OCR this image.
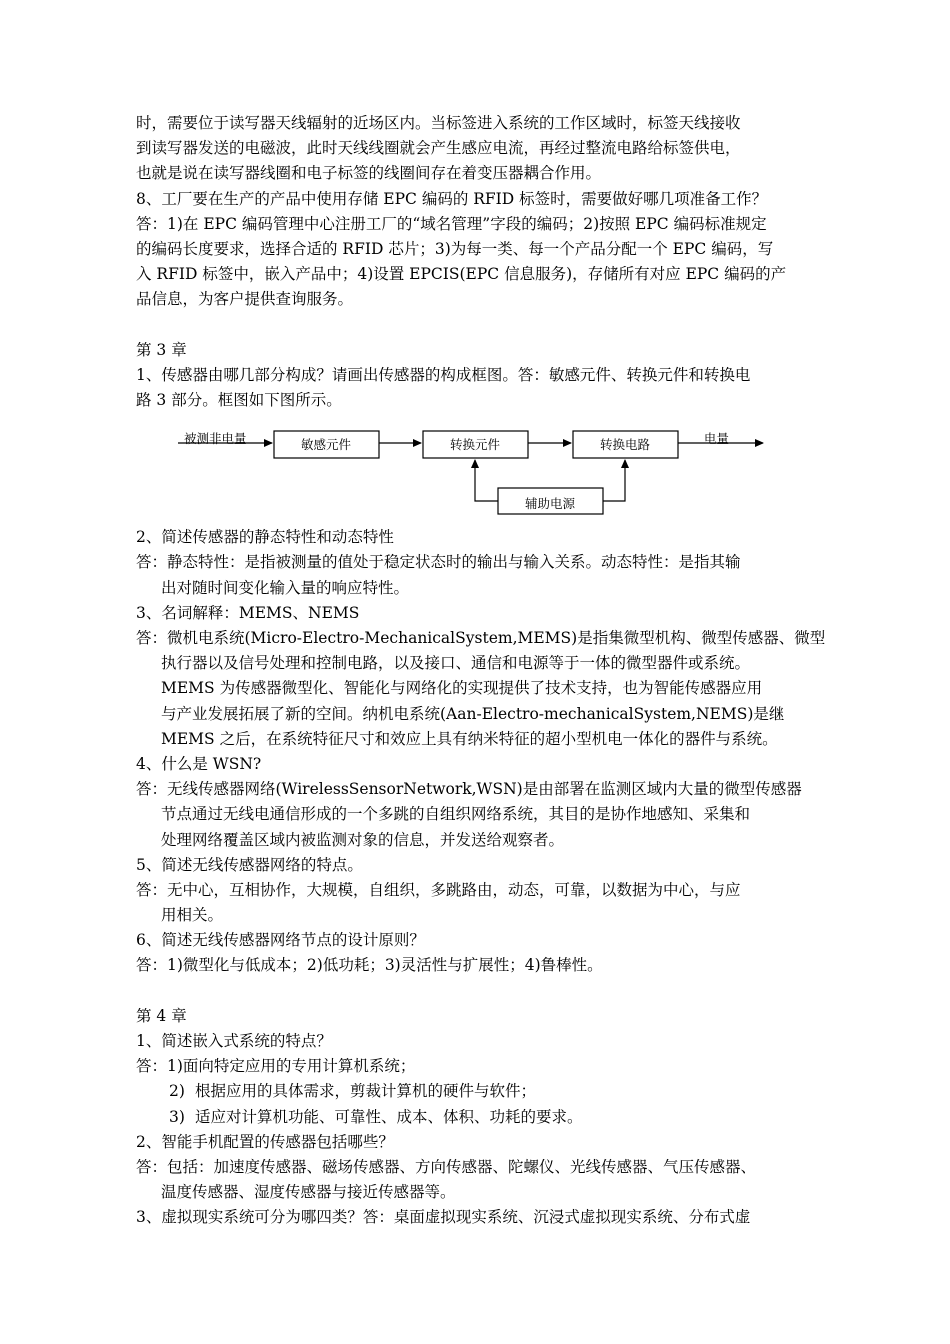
时，需要位于读写器天线辐射的近场区内。当标签进入系统的工作区域时，标签天线接收
到读写器发送的电磁波，此时天线线圈就会产生感应电流，再经过整流电路给标签供电，
也就是说在读写器线圈和电子标签的线圈间存在着变压器耦合作用。
8、工厂要在生产的产品中使用存储 EPC 编码的 RFID 标签时，需要做好哪几项准备工作？
答：1)在 EPC 编码管理中心注册工厂的“域名管理”字段的编码；2)按照 EPC 编码标准规定
的编码长度要求，选择合适的 RFID 芯片；3)为每一类、每一个产品分配一个 EPC 编码，写
入 RFID 标签中，嵌入产品中；4)设置 EPCIS(EPC 信息服务)，存储所有对应 EPC 编码的产
品信息，为客户提供查询服务。
第 3 章
1、传感器由哪几部分构成？请画出传感器的构成框图。答：敏感元件、转换元件和转换电
路 3 部分。框图如下图所示。
被测非电量	电量
敏感元件	转换元件	转换电路
辅助电源
2、简述传感器的静态特性和动态特性
答：静态特性：是指被测量的值处于稳定状态时的输出与输入关系。动态特性：是指其输
出对随时间变化输入量的响应特性。
3、名词解释：MEMS、NEMS
答：微机电系统(Micro-Electro-MechanicalSystem,MEMS)是指集微型机构、微型传感器、微型
执行器以及信号处理和控制电路，以及接口、通信和电源等于一体的微型器件或系统。
MEMS 为传感器微型化、智能化与网络化的实现提供了技术支持，也为智能传感器应用
与产业发展拓展了新的空间。纳机电系统(Aan-Electro-mechanicalSystem,NEMS)是继
MEMS 之后，在系统特征尺寸和效应上具有纳米特征的超小型机电一体化的器件与系统。
4、什么是 WSN?
答：无线传感器网络(WirelessSensorNetwork,WSN)是由部署在监测区域内大量的微型传感器
节点通过无线电通信形成的一个多跳的自组织网络系统，其目的是协作地感知、采集和
处理网络覆盖区域内被监测对象的信息，并发送给观察者。
5、简述无线传感器网络的特点。
答：无中心，互相协作，大规模，自组织，多跳路由，动态，可靠，以数据为中心，与应
用相关。
6、简述无线传感器网络节点的设计原则？
答：1)微型化与低成本；2)低功耗；3)灵活性与扩展性；4)鲁棒性。
第 4 章
1、简述嵌入式系统的特点？
答：1)面向特定应用的专用计算机系统；
2) 根据应用的具体需求，剪裁计算机的硬件与软件；
3) 适应对计算机功能、可靠性、成本、体积、功耗的要求。
2、智能手机配置的传感器包括哪些？
答：包括：加速度传感器、磁场传感器、方向传感器、陀螺仪、光线传感器、气压传感器、
温度传感器、湿度传感器与接近传感器等。
3、虚拟现实系统可分为哪四类？答：桌面虚拟现实系统、沉浸式虚拟现实系统、分布式虚
